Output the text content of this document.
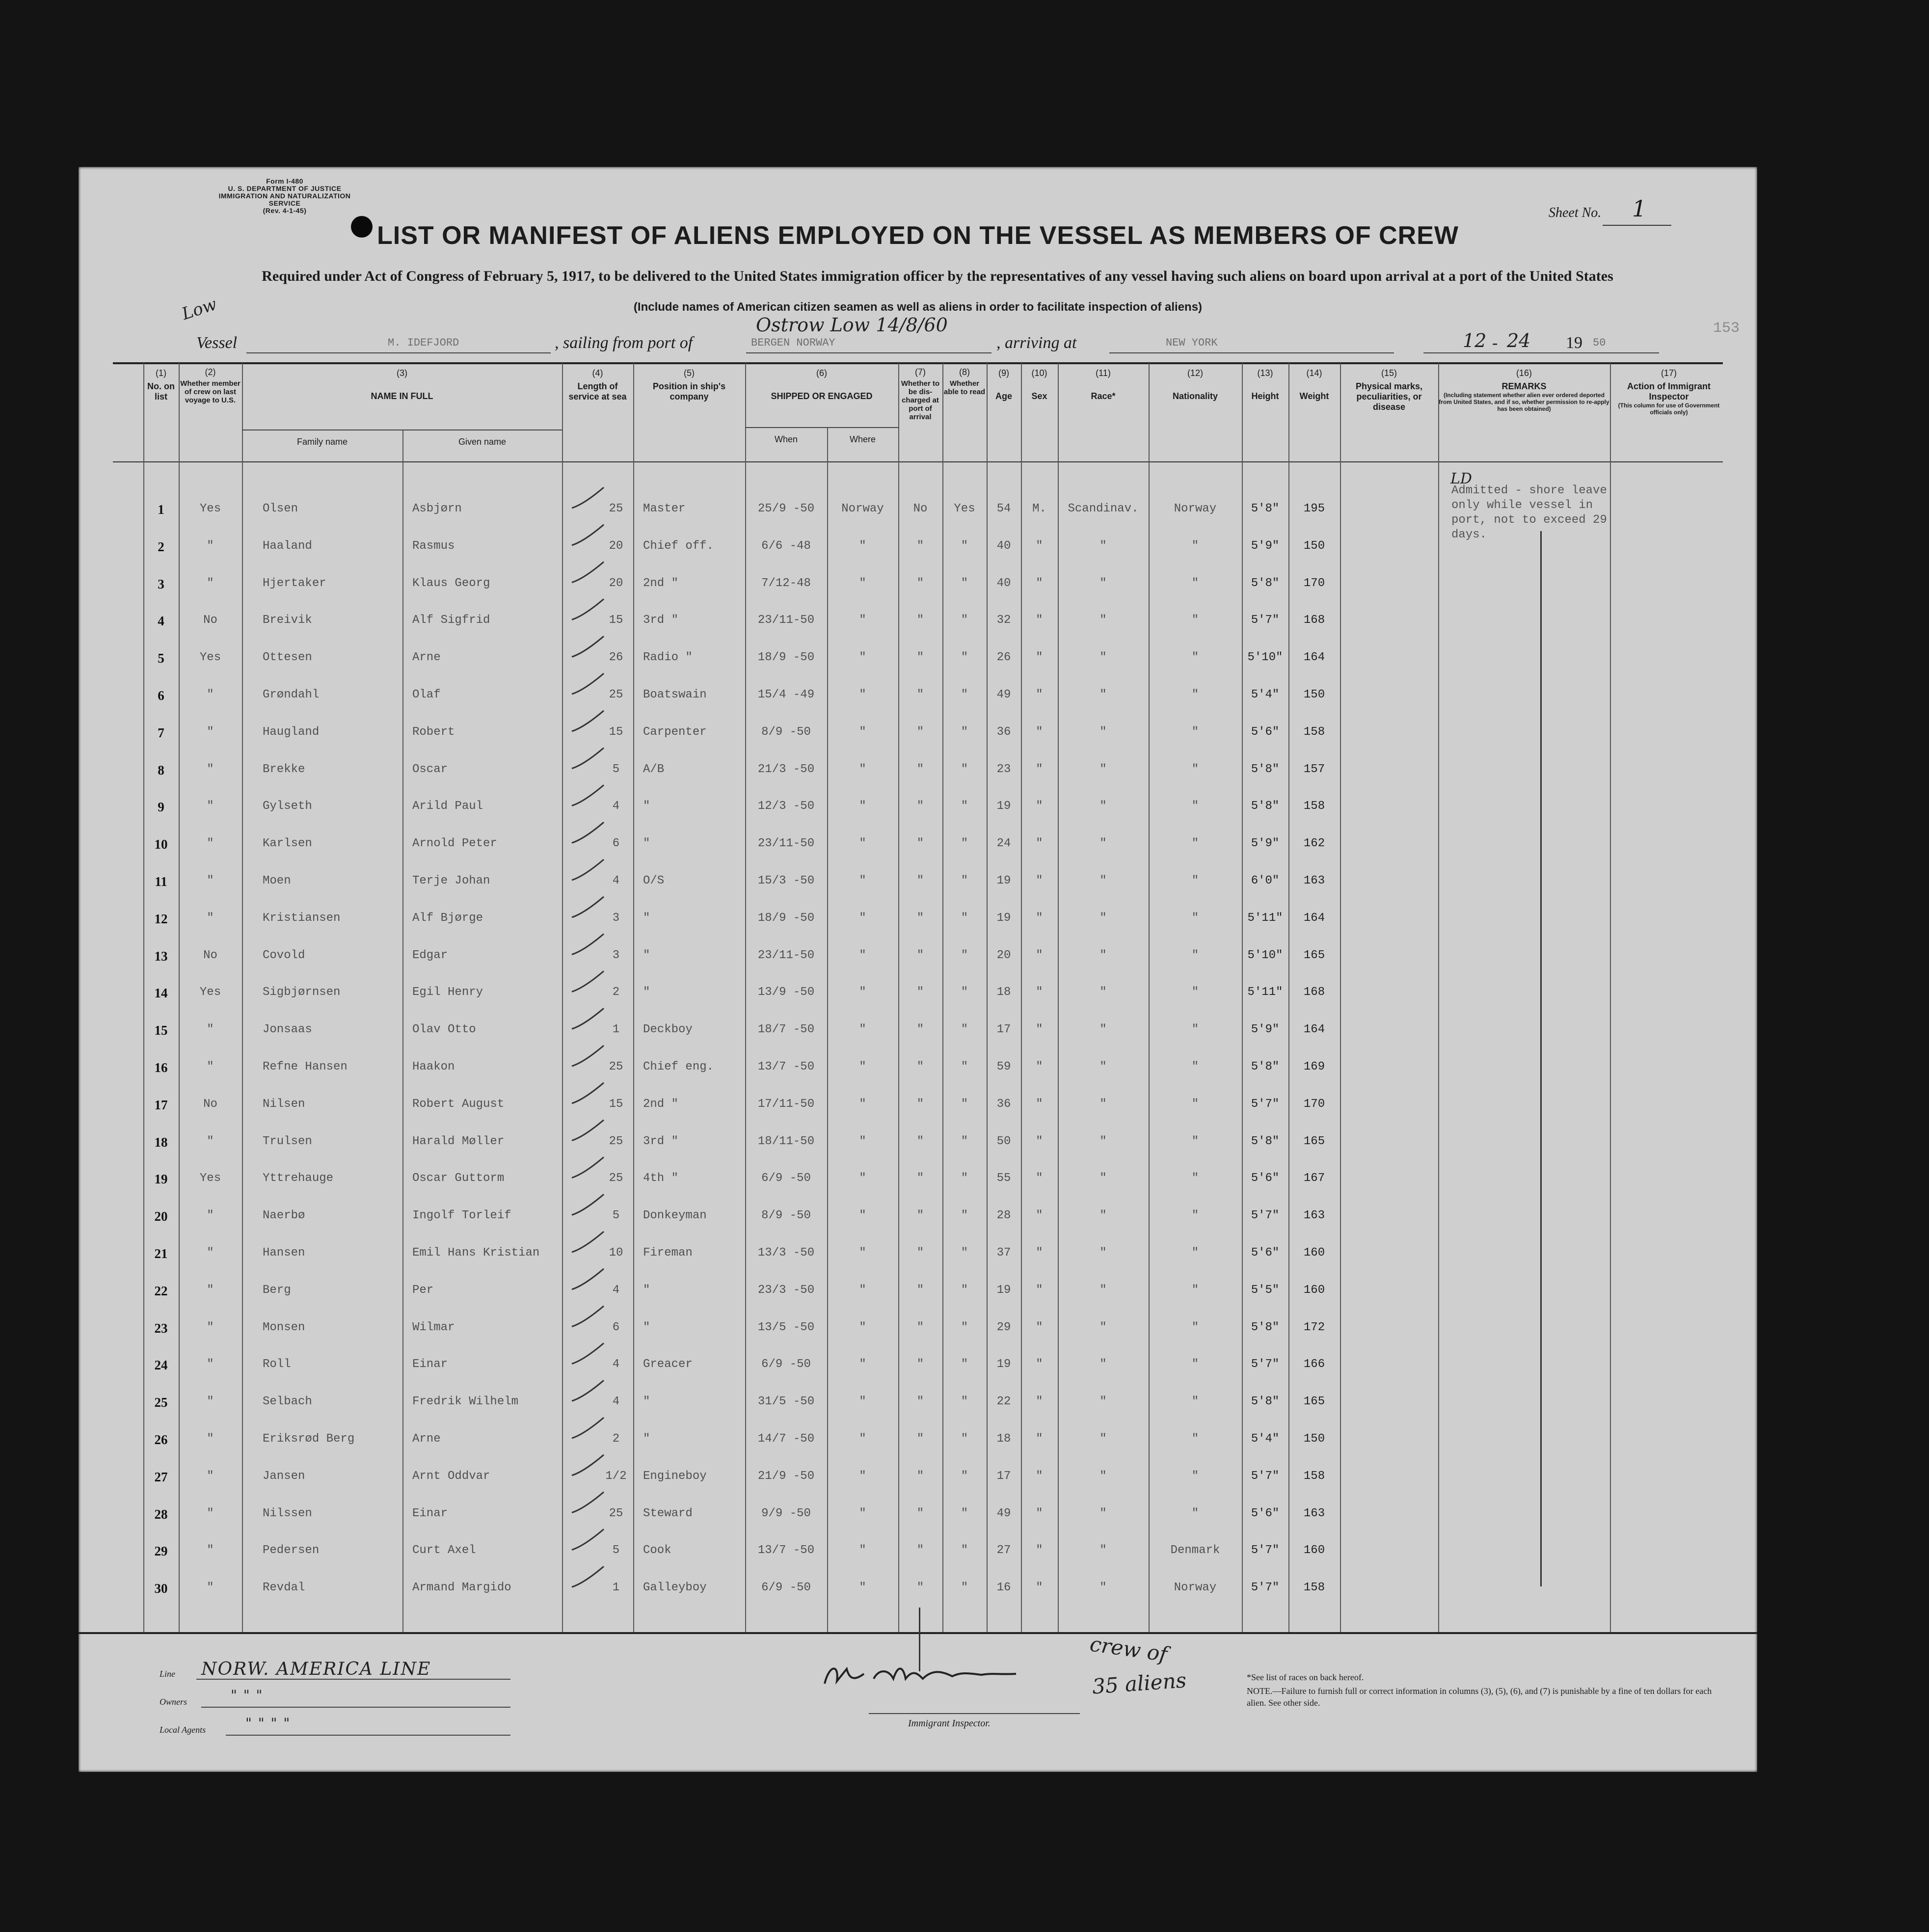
Form I-480
U. S. DEPARTMENT OF JUSTICE
IMMIGRATION AND NATURALIZATION SERVICE
(Rev. 4-1-45)
LIST OR MANIFEST OF ALIENS EMPLOYED ON THE VESSEL AS MEMBERS OF CREW
Sheet No. 1
Required under Act of Congress of February 5, 1917, to be delivered to the United States immigration officer by the representatives of any vessel having such aliens on board upon arrival at a port of the United States
(Include names of American citizen seamen as well as aliens in order to facilitate inspection of aliens)
Low
Vessel	M. IDEFJORD	, sailing from port of	BERGEN NORWAY
Ostrow Low 14/8/60
, arriving at	NEW YORK	12 - 24 19 50
153
(1)
No. on list
(2)
Whether member of crew on last voyage to U.S.
(3)
NAME IN FULL
Family name	Given name
(4)
Length of service at sea
(5)
Position in ship's company
(6)
SHIPPED OR ENGAGED
When	Where
(7)
Whether to be dis-charged at port of arrival
(8)
Whether able to read
(9)
Age
(10)
Sex
(11)
Race*
(12)
Nationality
(13)
Height
(14)
Weight
(15)
Physical marks, peculiarities, or disease
(16)
REMARKS

(Including statement whether alien ever ordered deported from United States, and if so, whether permission to re-apply has been obtained)
(17)
Action of Immigrant Inspector

(This column for use of Government officials only)
1	Yes	Olsen	Asbjørn	25	Master	25/9 -50	Norway	No	Yes	54	M.	Scandinav.	Norway	5'8"	195
2	"	Haaland	Rasmus	20	Chief off.	6/6 -48	"	"	"	40	"	"	"	5'9"	150
3	"	Hjertaker	Klaus Georg	20	2nd "	7/12-48	"	"	"	40	"	"	"	5'8"	170
4	No	Breivik	Alf Sigfrid	15	3rd "	23/11-50	"	"	"	32	"	"	"	5'7"	168
5	Yes	Ottesen	Arne	26	Radio "	18/9 -50	"	"	"	26	"	"	"	5'10"	164
6	"	Grøndahl	Olaf	25	Boatswain	15/4 -49	"	"	"	49	"	"	"	5'4"	150
7	"	Haugland	Robert	15	Carpenter	8/9 -50	"	"	"	36	"	"	"	5'6"	158
8	"	Brekke	Oscar	5	A/B	21/3 -50	"	"	"	23	"	"	"	5'8"	157
9	"	Gylseth	Arild Paul	4	"	12/3 -50	"	"	"	19	"	"	"	5'8"	158
10	"	Karlsen	Arnold Peter	6	"	23/11-50	"	"	"	24	"	"	"	5'9"	162
11	"	Moen	Terje Johan	4	O/S	15/3 -50	"	"	"	19	"	"	"	6'0"	163
12	"	Kristiansen	Alf Bjørge	3	"	18/9 -50	"	"	"	19	"	"	"	5'11"	164
13	No	Covold	Edgar	3	"	23/11-50	"	"	"	20	"	"	"	5'10"	165
14	Yes	Sigbjørnsen	Egil Henry	2	"	13/9 -50	"	"	"	18	"	"	"	5'11"	168
15	"	Jonsaas	Olav Otto	1	Deckboy	18/7 -50	"	"	"	17	"	"	"	5'9"	164
16	"	Refne Hansen	Haakon	25	Chief eng.	13/7 -50	"	"	"	59	"	"	"	5'8"	169
17	No	Nilsen	Robert August	15	2nd "	17/11-50	"	"	"	36	"	"	"	5'7"	170
18	"	Trulsen	Harald Møller	25	3rd "	18/11-50	"	"	"	50	"	"	"	5'8"	165
19	Yes	Yttrehauge	Oscar Guttorm	25	4th "	6/9 -50	"	"	"	55	"	"	"	5'6"	167
20	"	Naerbø	Ingolf Torleif	5	Donkeyman	8/9 -50	"	"	"	28	"	"	"	5'7"	163
21	"	Hansen	Emil Hans Kristian	10	Fireman	13/3 -50	"	"	"	37	"	"	"	5'6"	160
22	"	Berg	Per	4	"	23/3 -50	"	"	"	19	"	"	"	5'5"	160
23	"	Monsen	Wilmar	6	"	13/5 -50	"	"	"	29	"	"	"	5'8"	172
24	"	Roll	Einar	4	Greacer	6/9 -50	"	"	"	19	"	"	"	5'7"	166
25	"	Selbach	Fredrik Wilhelm	4	"	31/5 -50	"	"	"	22	"	"	"	5'8"	165
26	"	Eriksrød Berg	Arne	2	"	14/7 -50	"	"	"	18	"	"	"	5'4"	150
27	"	Jansen	Arnt Oddvar	1/2	Engineboy	21/9 -50	"	"	"	17	"	"	"	5'7"	158
28	"	Nilssen	Einar	25	Steward	9/9 -50	"	"	"	49	"	"	"	5'6"	163
29	"	Pedersen	Curt Axel	5	Cook	13/7 -50	"	"	"	27	"	"	Denmark	5'7"	160
30	"	Revdal	Armand Margido	1	Galleyboy	6/9 -50	"	"	"	16	"	"	Norway	5'7"	158
Admitted - shore leave only while vessel in port, not to exceed 29 days.
LD
Line NORW. AMERICA LINE
Owners	" " "
Local Agents	" " " "	Immigrant Inspector.
crew of
35 aliens	*See list of races on back hereof.
NOTE.—Failure to furnish full or correct information in columns (3), (5), (6), and (7) is punishable by a fine of ten dollars for each alien. See other side.
